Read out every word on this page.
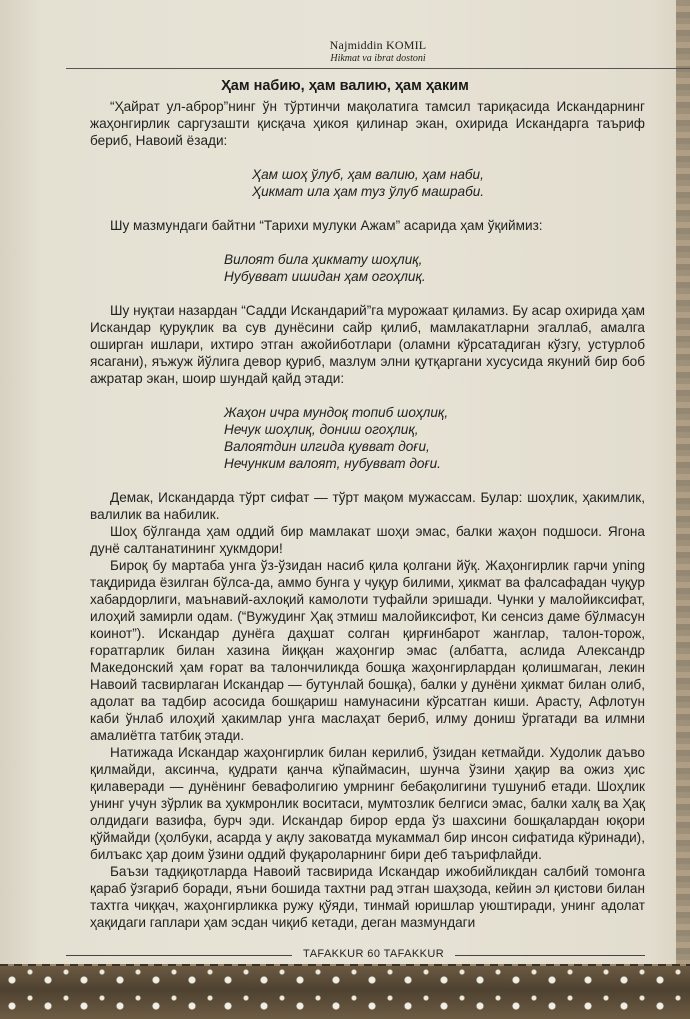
Najmiddin KOMIL
Hikmat va ibrat dostoni
Ҳам набию, ҳам валию, ҳам ҳаким

“Ҳайрат ул-аброр”нинг ўн тўртинчи мақолатига тамсил тариқасида Искандарнинг жаҳонгирлик саргузашти қисқача ҳикоя қилинар экан, охирида Искандарга таъриф бериб, Навоий ёзади:

Ҳам шоҳ ўлуб, ҳам валию, ҳам наби,
Ҳикмат ила ҳам туз ўлуб машраби.

Шу мазмундаги байтни “Тарихи мулуки Ажам” асарида ҳам ўқиймиз:

Вилоят била ҳикмату шоҳлиқ,
Нубувват ишидан ҳам огоҳлиқ.

Шу нуқтаи назардан “Садди Искандарий”га мурожаат қиламиз. Бу асар охирида ҳам Искандар қуруқлик ва сув дунёсини сайр қилиб, мамлакатларни эгаллаб, амалга оширган ишлари, ихтиро этган ажойиботлари (оламни кўрсатадиган кўзгу, устурлоб ясагани), яъжуж йўлига девор қуриб, мазлум элни қутқаргани хусусида якуний бир боб ажратар экан, шоир шундай қайд этади:

Жаҳон ичра мундоқ топиб шоҳлиқ,
Нечук шоҳлиқ, дониш огоҳлиқ,
Валоятдин илгида қувват доғи,
Нечунким валоят, нубувват доғи.

Демак, Искандарда тўрт сифат — тўрт мақом мужассам. Булар: шоҳлик, ҳакимлик, валилик ва набилик.

Шоҳ бўлганда ҳам оддий бир мамлакат шоҳи эмас, балки жаҳон подшоси. Ягона дунё салтанатининг ҳукмдори!

Бироқ бу мартаба унга ўз-ўзидан насиб қила қолгани йўқ. Жаҳонгирлик гарчи уning тақдирида ёзилган бўлса-да, аммо бунга у чуқур билими, ҳикмат ва фалсафадан чуқур хабардорлиги, маънавий-ахлоқий камолоти туфайли эришади. Чунки у малойиксифат, илоҳий замирли одам. (“Вужудинг Ҳақ этмиш малойиксифот, Ки сенсиз даме бўлмасун коинот”). Искандар дунёга даҳшат солган қирғинбарот жанглар, талон-торож, ғоратгарлик билан хазина йиққан жаҳонгир эмас (албатта, аслида Александр Македонский ҳам ғорат ва талончиликда бошқа жаҳонгирлардан қолишмаган, лекин Навоий тасвирлаган Искандар — бутунлай бошқа), балки у дунёни ҳикмат билан олиб, адолат ва тадбир асосида бошқариш намунасини кўрсатган киши. Арасту, Афлотун каби ўнлаб илоҳий ҳакимлар унга маслаҳат бериб, илму дониш ўргатади ва илмни амалиётга татбиқ этади.

Натижада Искандар жаҳонгирлик билан керилиб, ўзидан кетмайди. Худолик даъво қилмайди, аксинча, қудрати қанча кўпаймасин, шунча ўзини ҳақир ва ожиз ҳис қилаверади — дунёнинг бевафолигию умрнинг бебақолигини тушуниб етади. Шоҳлик унинг учун зўрлик ва ҳукмронлик воситаси, мумтозлик белгиси эмас, балки халқ ва Ҳақ олдидаги вазифа, бурч эди. Искандар бирор ерда ўз шахсини бошқалардан юқори қўймайди (ҳолбуки, асарда у ақлу заковатда мукаммал бир инсон сифатида кўринади), билъакс ҳар доим ўзини оддий фуқароларнинг бири деб таърифлайди.

Баъзи тадқиқотларда Навоий тасвирида Искандар ижобийликдан салбий томонга қараб ўзгариб боради, яъни бошида тахтни рад этган шаҳзода, кейин эл қистови билан тахтга чиққач, жаҳонгирликка ружу қўяди, тинмай юришлар уюштиради, унинг адолат ҳақидаги гаплари ҳам эсдан чиқиб кетади, деган мазмундаги

ТАFAKKUR 60 TAFAKKUR
